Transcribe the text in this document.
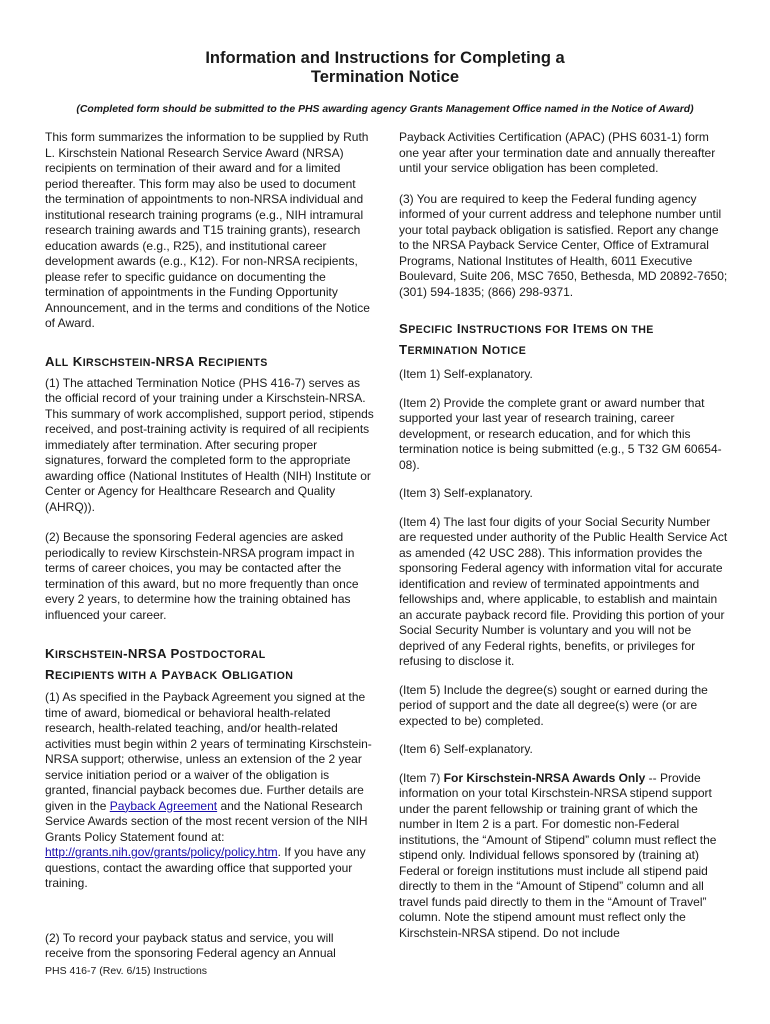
Information and Instructions for Completing a
Termination Notice
(Completed form should be submitted to the PHS awarding agency Grants Management Office named in the Notice of Award)

This form summarizes the information to be supplied by Ruth L. Kirschstein National Research Service Award (NRSA) recipients on termination of their award and for a limited period thereafter. This form may also be used to document the termination of appointments to non-NRSA individual and institutional research training programs (e.g., NIH intramural research training awards and T15 training grants), research education awards (e.g., R25), and institutional career development awards (e.g., K12). For non-NRSA recipients, please refer to specific guidance on documenting the termination of appointments in the Funding Opportunity Announcement, and in the terms and conditions of the Notice of Award.

ALL KIRSCHSTEIN-NRSA RECIPIENTS

(1) The attached Termination Notice (PHS 416-7) serves as the official record of your training under a Kirschstein-NRSA. This summary of work accomplished, support period, stipends received, and post-training activity is required of all recipients immediately after termination. After securing proper signatures, forward the completed form to the appropriate awarding office (National Institutes of Health (NIH) Institute or Center or Agency for Healthcare Research and Quality (AHRQ)).

(2) Because the sponsoring Federal agencies are asked periodically to review Kirschstein-NRSA program impact in terms of career choices, you may be contacted after the termination of this award, but no more frequently than once every 2 years, to determine how the training obtained has influenced your career.

KIRSCHSTEIN-NRSA POSTDOCTORAL
RECIPIENTS WITH A PAYBACK OBLIGATION

(1) As specified in the Payback Agreement you signed at the time of award, biomedical or behavioral health-related research, health-related teaching, and/or health-related activities must begin within 2 years of terminating Kirschstein-NRSA support; otherwise, unless an extension of the 2 year service initiation period or a waiver of the obligation is granted, financial payback becomes due. Further details are given in the Payback Agreement and the National Research Service Awards section of the most recent version of the NIH Grants Policy Statement found at: http://grants.nih.gov/grants/policy/policy.htm. If you have any questions, contact the awarding office that supported your training.

(2) To record your payback status and service, you will receive from the sponsoring Federal agency an Annual

Payback Activities Certification (APAC) (PHS 6031-1) form one year after your termination date and annually thereafter until your service obligation has been completed.

(3) You are required to keep the Federal funding agency informed of your current address and telephone number until your total payback obligation is satisfied. Report any change to the NRSA Payback Service Center, Office of Extramural Programs, National Institutes of Health, 6011 Executive Boulevard, Suite 206, MSC 7650, Bethesda, MD 20892-7650; (301) 594-1835; (866) 298-9371.

SPECIFIC INSTRUCTIONS FOR ITEMS ON THE
TERMINATION NOTICE

(Item 1) Self-explanatory.

(Item 2) Provide the complete grant or award number that supported your last year of research training, career development, or research education, and for which this termination notice is being submitted (e.g., 5 T32 GM 60654-08).

(Item 3) Self-explanatory.

(Item 4) The last four digits of your Social Security Number are requested under authority of the Public Health Service Act as amended (42 USC 288). This information provides the sponsoring Federal agency with information vital for accurate identification and review of terminated appointments and fellowships and, where applicable, to establish and maintain an accurate payback record file. Providing this portion of your Social Security Number is voluntary and you will not be deprived of any Federal rights, benefits, or privileges for refusing to disclose it.

(Item 5) Include the degree(s) sought or earned during the period of support and the date all degree(s) were (or are expected to be) completed.

(Item 6) Self-explanatory.

(Item 7) For Kirschstein-NRSA Awards Only -- Provide information on your total Kirschstein-NRSA stipend support under the parent fellowship or training grant of which the number in Item 2 is a part. For domestic non-Federal institutions, the “Amount of Stipend” column must reflect the stipend only. Individual fellows sponsored by (training at) Federal or foreign institutions must include all stipend paid directly to them in the “Amount of Stipend” column and all travel funds paid directly to them in the “Amount of Travel” column. Note the stipend amount must reflect only the Kirschstein-NRSA stipend. Do not include

PHS 416-7 (Rev. 6/15) Instructions
